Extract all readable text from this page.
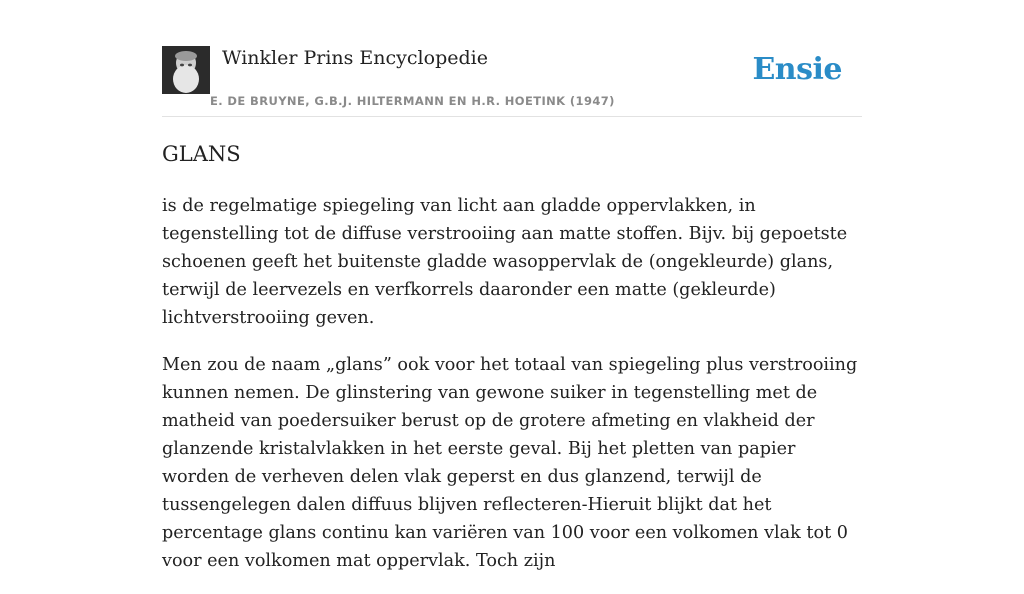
Winkler Prins Encyclopedie
E. DE BRUYNE, G.B.J. HILTERMANN EN H.R. HOETINK (1947)
Ensie
GLANS

is de regelmatige spiegeling van licht aan gladde oppervlakken, in tegenstelling tot de diffuse verstrooiing aan matte stoffen. Bijv. bij gepoetste schoenen geeft het buitenste gladde wasoppervlak de (ongekleurde) glans, terwijl de leervezels en verfkorrels daaronder een matte (gekleurde) lichtverstrooiing geven.

Men zou de naam „glans” ook voor het totaal van spiegeling plus verstrooiing kunnen nemen. De glinstering van gewone suiker in tegenstelling met de matheid van poedersuiker berust op de grotere afmeting en vlakheid der glanzende kristalvlakken in het eerste geval. Bij het pletten van papier worden de verheven delen vlak geperst en dus glanzend, terwijl de tussengelegen dalen diffuus blijven reflecteren-Hieruit blijkt dat het percentage glans continu kan variëren van 100 voor een volkomen vlak tot 0 voor een volkomen mat oppervlak. Toch zijn
